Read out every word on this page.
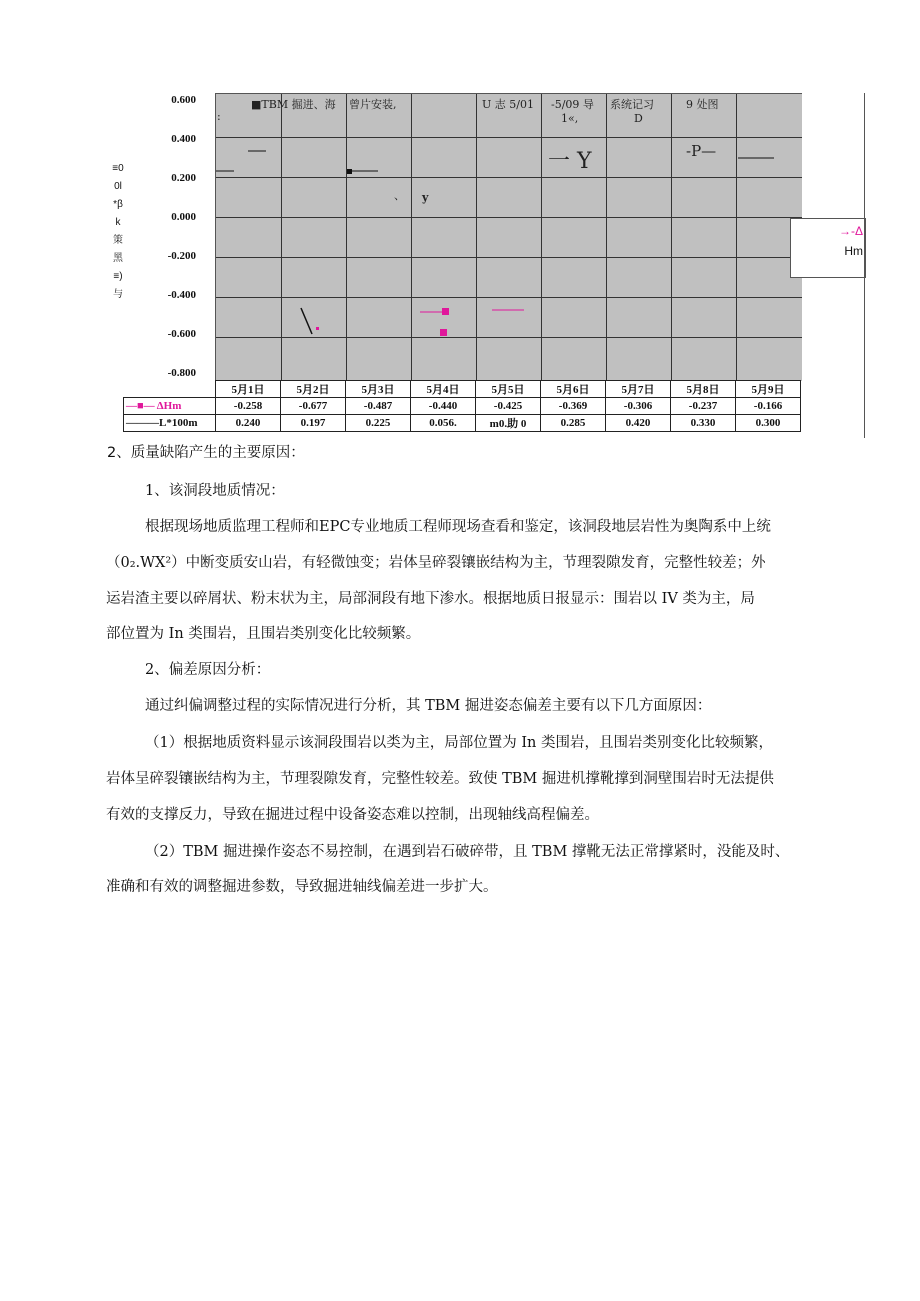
0.600
0.400
0.200
0.000
-0.200
-0.400
-0.600
-0.800
≡0
0l
*β
k
策
黑
≡)
与
■TBM 掘进、海 曾片安装,	U 志 5/01 -5/09 导
1«,
系统记习
D
9 处图
:
一 Y	-P—
、 y
→-Δ
Hm
	5月1日	5月2日	5月3日	5月4日	5月5日	5月6日	5月7日	5月8日	5月9日
—■— ΔHm	-0.258	-0.677	-0.487	-0.440	-0.425	-0.369	-0.306	-0.237	-0.166
———L*100m	0.240	0.197	0.225	0.056.	m0.助 0	0.285	0.420	0.330	0.300
2、质量缺陷产生的主要原因：
1、该洞段地质情况：
根据现场地质监理工程师和EPC专业地质工程师现场查看和鉴定，该洞段地层岩性为奥陶系中上统
（0₂.WX²）中断变质安山岩，有轻微蚀变；岩体呈碎裂镶嵌结构为主，节理裂隙发育，完整性较差；外
运岩渣主要以碎屑状、粉末状为主，局部洞段有地下渗水。根据地质日报显示：围岩以 IV 类为主，局
部位置为 In 类围岩，且围岩类别变化比较频繁。
2、偏差原因分析：
通过纠偏调整过程的实际情况进行分析，其 TBM 掘进姿态偏差主要有以下几方面原因：
（1）根据地质资料显示该洞段围岩以类为主，局部位置为 In 类围岩，且围岩类别变化比较频繁，
岩体呈碎裂镶嵌结构为主，节理裂隙发育，完整性较差。致使 TBM 掘进机撑靴撑到洞壁围岩时无法提供
有效的支撑反力，导致在掘进过程中设备姿态难以控制，出现轴线高程偏差。
（2）TBM 掘进操作姿态不易控制，在遇到岩石破碎带，且 TBM 撑靴无法正常撑紧时，没能及时、
准确和有效的调整掘进参数，导致掘进轴线偏差进一步扩大。
